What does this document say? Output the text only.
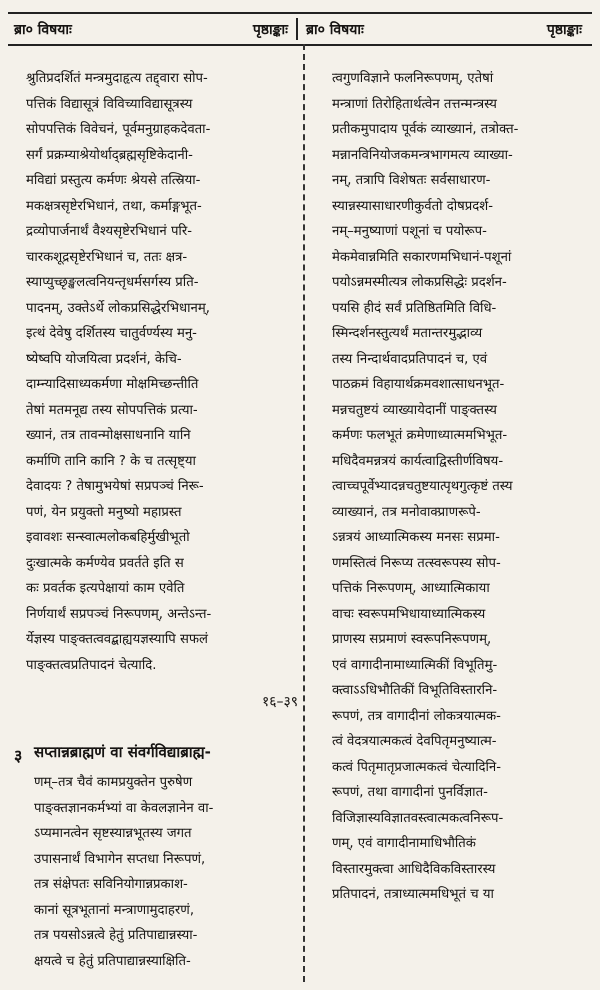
ब्रा० विषयाः	पृष्ठाङ्काः ब्रा० विषयाः	पृष्ठाङ्काः
श्रुतिप्रदर्शितं मन्त्रमुदाहृत्य तद्द्वारा सोप-
पत्तिकं विद्यासूत्रं विविच्याविद्यासूत्रस्य
सोपपत्तिकं विवेचनं, पूर्वमनुग्राहकदेवता-
सर्गं प्रक्रम्याश्रेयोर्थाद्ब्रह्मसृष्टिकेदानी-
मविद्यां प्रस्तुत्य कर्मणः श्रेयसे तत्स्रिया-
मकक्षत्रसृष्टेरभिधानं, तथा, कर्माङ्गभूत-
द्रव्योपार्जनार्थं वैश्यसृष्टेरभिधानं परि-
चारकशूद्रसृष्टेरभिधानं च, ततः क्षत्र-
स्याप्युच्छृङ्खलत्वनियन्तृधर्मसर्गस्य प्रति-
पादनम्, उक्तेऽर्थे लोकप्रसिद्धेरभिधानम्,
इत्थं देवेषु दर्शितस्य चातुर्वर्ण्यस्य मनु-
ष्येष्वपि योजयित्वा प्रदर्शनं, केचि-
दाम्न्यादिसाध्यकर्मणा मोक्षमिच्छन्तीति
तेषां मतमनूद्य तस्य सोपपत्तिकं प्रत्या-
ख्यानं, तत्र तावन्मोक्षसाधनानि यानि
कर्माणि तानि कानि ? के च तत्सृष्ट्या
देवादयः ? तेषामुभयेषां सप्रपञ्चं निरू-
पणं, येन प्रयुक्तो मनुष्यो महाप्रस्त
इवावशः सन्स्वात्मलोकबहिर्मुखीभूतो
दुःखात्मके कर्मण्येव प्रवर्तते इति स
कः प्रवर्तक इत्यपेक्षायां काम एवेति
निर्णयार्थं सप्रपञ्चं निरूपणम्, अन्तेऽन्त-
र्येज्ञस्य पाङ्क्तत्ववद्बाह्ययज्ञस्यापि सफलं
पाङ्क्तत्वप्रतिपादनं चेत्यादि.
१६–३९
३ सप्तान्नब्राह्मणं वा संवर्गविद्याब्राह्म-
णम्–तत्र चैवं कामप्रयुक्तेन पुरुषेण
पाङ्क्तज्ञानकर्मभ्यां वा केवलज्ञानेन वा-
ऽप्यमानत्वेन सृष्टस्यान्नभूतस्य जगत
उपासनार्थं विभागेन सप्तधा निरूपणं,
तत्र संक्षेपतः सविनियोगान्नप्रकाश-
कानां सूत्रभूतानां मन्त्राणामुदाहरणं,
तत्र पयसोऽन्नत्वे हेतुं प्रतिपाद्यान्नस्या-
क्षयत्वे च हेतुं प्रतिपाद्यान्नस्याक्षिति-
त्वगुणविज्ञाने फलनिरूपणम्, एतेषां
मन्त्राणां तिरोहितार्थत्वेन तत्तन्मन्त्रस्य
प्रतीकमुपादाय पूर्वकं व्याख्यानं, तत्रोक्त-
मन्नानविनियोजकमन्त्रभागमत्य व्याख्या-
नम्, तत्रापि विशेषतः सर्वसाधारण-
स्यान्नस्यासाधारणीकुर्वतो दोषप्रदर्श-
नम्–मनुष्याणां पशूनां च पयोरूप-
मेकमेवान्नमिति सकारणमभिधानं-पशूनां
पयोऽन्नमस्मीत्यत्र लोकप्रसिद्धेः प्रदर्शन-
पयसि हीदं सर्वं प्रतिष्ठितमिति विधि-
स्मिन्दर्शनस्तुत्यर्थं मतान्तरमुद्भाव्य
तस्य निन्दार्थवादप्रतिपादनं च, एवं
पाठक्रमं विहायार्थक्रमवशात्साधनभूत-
मन्नचतुष्टयं व्याख्यायेदानीं पाङ्क्तस्य
कर्मणः फलभूतं क्रमेणाध्यात्ममभिभूत-
मधिदैवमन्नत्रयं कार्यत्वाद्विस्तीर्णविषय-
त्वाच्चपूर्वेभ्यादन्नचतुष्टयात्पृथगुत्कृष्टं तस्य
व्याख्यानं, तत्र मनोवाक्प्राणरूपे-
ऽन्नत्रयं आध्यात्मिकस्य मनसः सप्रमा-
णमस्तित्वं निरूप्य तत्स्वरूपस्य सोप-
पत्तिकं निरूपणम्, आध्यात्मिकाया
वाचः स्वरूपमभिधायाध्यात्मिकस्य
प्राणस्य सप्रमाणं स्वरूपनिरूपणम्,
एवं वागादीनामाध्यात्मिकीं विभूतिमु-
क्त्वाऽऽधिभौतिकीं विभूतिविस्तारनि-
रूपणं, तत्र वागादीनां लोकत्रयात्मक-
त्वं वेदत्रयात्मकत्वं देवपितृमनुष्यात्म-
कत्वं पितृमातृप्रजात्मकत्वं चेत्यादिनि-
रूपणं, तथा वागादीनां पुनर्विज्ञात-
विजिज्ञास्यविज्ञातवस्त्वात्मकत्वनिरूप-
णम्, एवं वागादीनामाधिभौतिकं
विस्तारमुक्त्वा आधिदैविकविस्तारस्य
प्रतिपादनं, तत्राध्यात्ममधिभूतं च या
